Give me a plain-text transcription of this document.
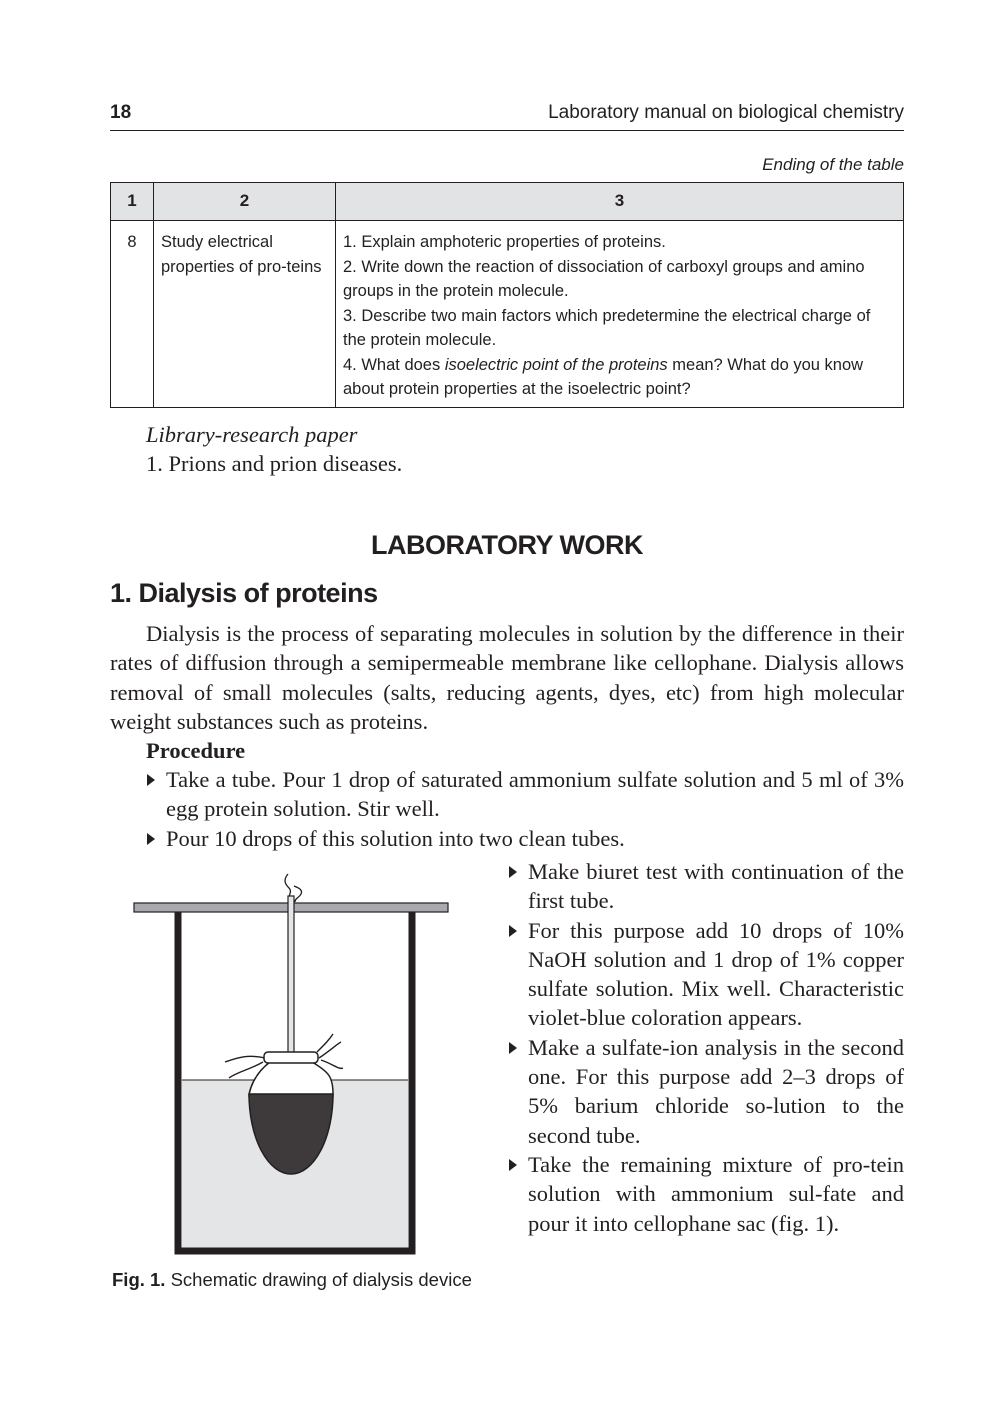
18	Laboratory manual on biological chemistry
Ending of the table
1	2	3
8	Study electrical properties of pro-teins	1. Explain amphoteric properties of proteins.
2. Write down the reaction of dissociation of carboxyl groups and amino groups in the protein molecule.
3. Describe two main factors which predetermine the electrical charge of the protein molecule.
4. What does isoelectric point of the proteins mean? What do you know about protein properties at the isoelectric point?
Library-research paper
1. Prions and prion diseases.
LABORATORY WORK
1. Dialysis of proteins

Dialysis is the process of separating molecules in solution by the difference in their rates of diffusion through a semipermeable membrane like cellophane. Dialysis allows removal of small molecules (salts, reducing agents, dyes, etc) from high molecular weight substances such as proteins.

Procedure
Take a tube. Pour 1 drop of saturated ammonium sulfate solution and 5 ml of 3% egg protein solution. Stir well.
Pour 10 drops of this solution into two clean tubes.
Make biuret test with continuation of the first tube.
For this purpose add 10 drops of 10% NaOH solution and 1 drop of 1% copper sulfate solution. Mix well. Characteristic violet-blue coloration appears.
Make a sulfate-ion analysis in the second one. For this purpose add 2–3 drops of 5% barium chloride so-lution to the second tube.
Take the remaining mixture of pro-tein solution with ammonium sul-fate and pour it into cellophane sac (fig. 1).
Fig. 1. Schematic drawing of dialysis device
